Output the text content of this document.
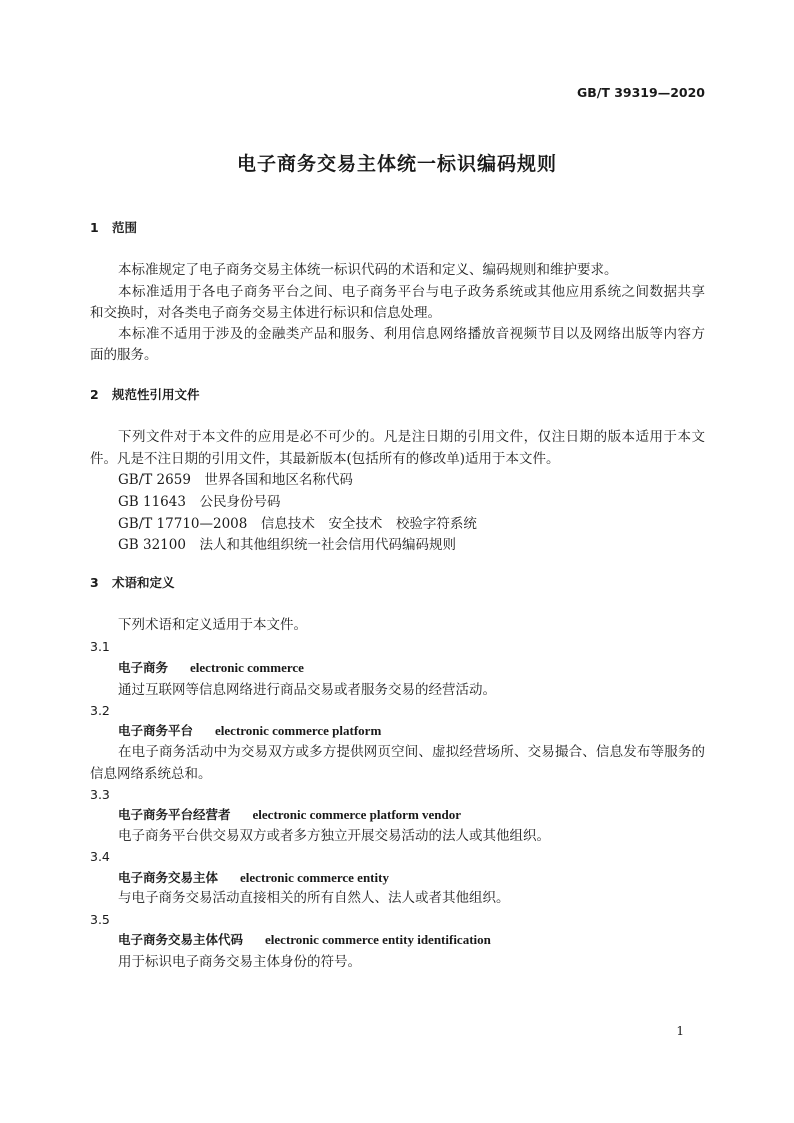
GB/T 39319—2020
电子商务交易主体统一标识编码规则
1 范围
本标准规定了电子商务交易主体统一标识代码的术语和定义、编码规则和维护要求。
本标准适用于各电子商务平台之间、电子商务平台与电子政务系统或其他应用系统之间数据共享
和交换时，对各类电子商务交易主体进行标识和信息处理。
本标准不适用于涉及的金融类产品和服务、利用信息网络播放音视频节目以及网络出版等内容方
面的服务。
2 规范性引用文件
下列文件对于本文件的应用是必不可少的。凡是注日期的引用文件，仅注日期的版本适用于本文
件。凡是不注日期的引用文件，其最新版本(包括所有的修改单)适用于本文件。
GB/T 2659　 世界各国和地区名称代码
GB 11643　 公民身份号码
GB/T 17710—2008　 信息技术　安全技术　校验字符系统
GB 32100　 法人和其他组织统一社会信用代码编码规则
3 术语和定义
下列术语和定义适用于本文件。
3.1
电子商务 electronic commerce
通过互联网等信息网络进行商品交易或者服务交易的经营活动。
3.2
电子商务平台 electronic commerce platform
在电子商务活动中为交易双方或多方提供网页空间、虚拟经营场所、交易撮合、信息发布等服务的
信息网络系统总和。
3.3
电子商务平台经营者 electronic commerce platform vendor
电子商务平台供交易双方或者多方独立开展交易活动的法人或其他组织。
3.4
电子商务交易主体 electronic commerce entity
与电子商务交易活动直接相关的所有自然人、法人或者其他组织。
3.5
电子商务交易主体代码 electronic commerce entity identification
用于标识电子商务交易主体身份的符号。
1
